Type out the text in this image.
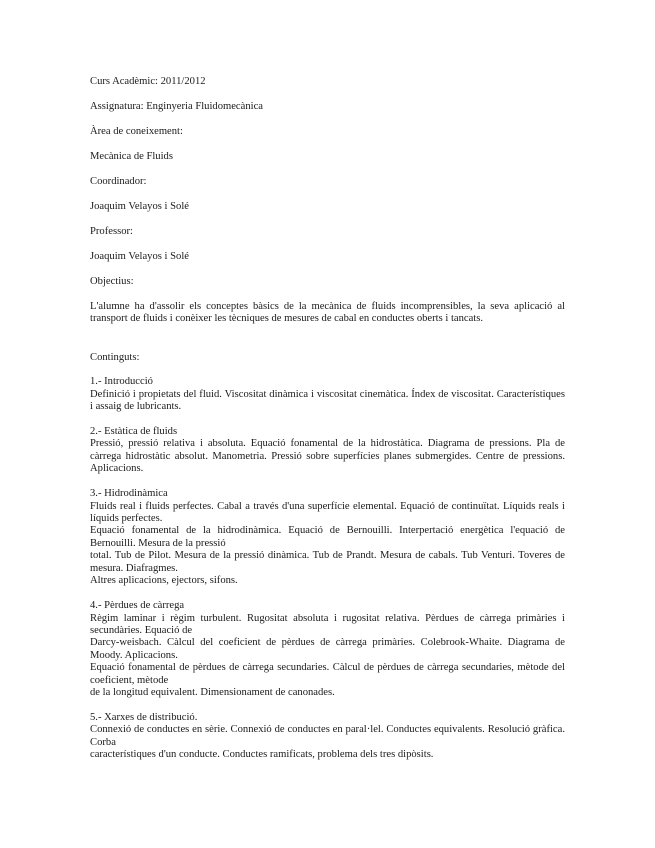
Curs Acadèmic: 2011/2012
Assignatura: Enginyeria Fluidomecànica
Àrea de coneixement:
Mecànica de Fluids
Coordinador:
Joaquim Velayos i Solé
Professor:
Joaquim Velayos i Solé
Objectius:

L'alumne ha d'assolir els conceptes bàsics de la mecànica de fluids incomprensibles, la seva aplicació al transport de fluids i conèixer les tècniques de mesures de cabal en conductes oberts i tancats.

Continguts:
1.- Introducció

Definició i propietats del fluid. Viscositat dinàmica i viscositat cinemàtica. Índex de viscositat. Característiques i assaig de lubricants.

2.- Estàtica de fluids

Pressió, pressió relativa i absoluta. Equació fonamental de la hidrostàtica. Diagrama de pressions. Pla de càrrega hidrostàtic absolut. Manometria. Pressió sobre superfícies planes submergides. Centre de pressions. Aplicacions.

3.- Hidrodinàmica

Fluids real i fluids perfectes. Cabal a través d'una superfície elemental. Equació de continuïtat. Líquids reals i líquids perfectes.

Equació fonamental de la hidrodinàmica. Equació de Bernouilli. Interpertació energètica l'equació de Bernouilli. Mesura de la pressió

total. Tub de Pilot. Mesura de la pressió dinàmica. Tub de Prandt. Mesura de cabals. Tub Venturi. Toveres de mesura. Diafragmes.

Altres aplicacions, ejectors, sifons.

4.- Pèrdues de càrrega

Règim laminar i règim turbulent. Rugositat absoluta i rugositat relativa. Pèrdues de càrrega primàries i secundàries. Equació de

Darcy-weisbach. Càlcul del coeficient de pèrdues de càrrega primàries. Colebrook-Whaite. Diagrama de Moody. Aplicacions.

Equació fonamental de pèrdues de càrrega secundaries. Càlcul de pèrdues de càrrega secundaries, mètode del coeficient, mètode

de la longitud equivalent. Dimensionament de canonades.

5.- Xarxes de distribució.

Connexió de conductes en sèrie. Connexió de conductes en paral·lel. Conductes equivalents. Resolució gràfica. Corba

característiques d'un conducte. Conductes ramificats, problema dels tres dipòsits.
